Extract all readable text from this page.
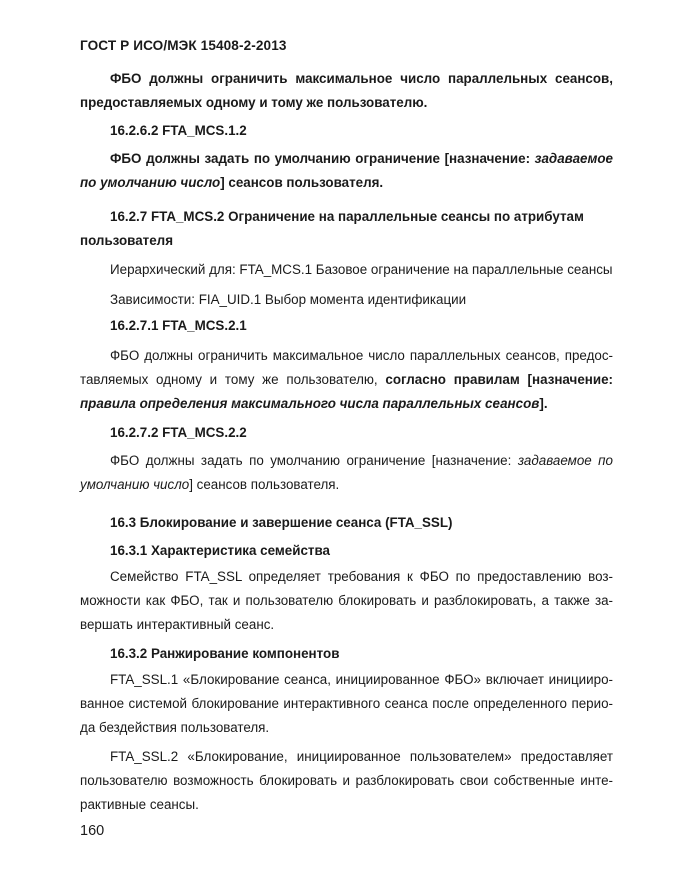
ГОСТ Р ИСО/МЭК 15408-2-2013
ФБО должны ограничить максимальное число параллельных сеансов,
предоставляемых одному и тому же пользователю.
16.2.6.2 FTA_MCS.1.2
ФБО должны задать по умолчанию ограничение [назначение: задаваемое
по умолчанию число] сеансов пользователя.
16.2.7 FTA_MCS.2 Ограничение на параллельные сеансы по атрибутам
пользователя
Иерархический для: FTA_MCS.1 Базовое ограничение на параллельные сеансы
Зависимости: FIA_UID.1 Выбор момента идентификации
16.2.7.1 FTA_MCS.2.1
ФБО должны ограничить максимальное число параллельных сеансов, предос-
тавляемых одному и тому же пользователю, согласно правилам [назначение:
правила определения максимального числа параллельных сеансов].
16.2.7.2 FTA_MCS.2.2
ФБО должны задать по умолчанию ограничение [назначение: задаваемое по
умолчанию число] сеансов пользователя.
16.3 Блокирование и завершение сеанса (FTA_SSL)
16.3.1 Характеристика семейства
Семейство FTA_SSL определяет требования к ФБО по предоставлению воз-
можности как ФБО, так и пользователю блокировать и разблокировать, а также за-
вершать интерактивный сеанс.
16.3.2 Ранжирование компонентов
FTA_SSL.1 «Блокирование сеанса, инициированное ФБО» включает иницииро-
ванное системой блокирование интерактивного сеанса после определенного перио-
да бездействия пользователя.
FTA_SSL.2 «Блокирование, инициированное пользователем» предоставляет
пользователю возможность блокировать и разблокировать свои собственные инте-
рактивные сеансы.
160
